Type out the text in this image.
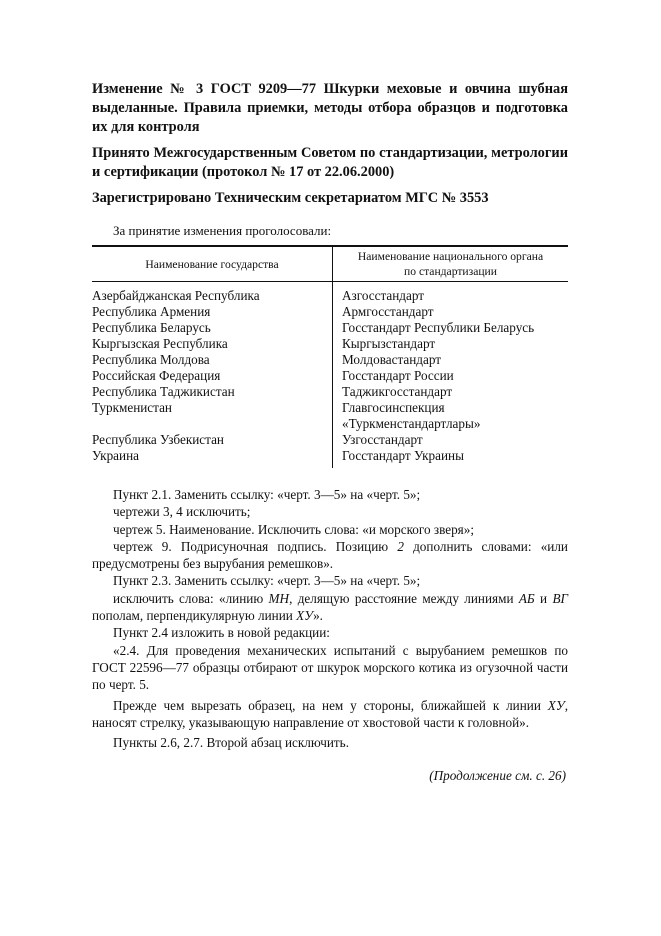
Изменение № 3 ГОСТ 9209—77 Шкурки меховые и овчина шубная выделанные. Правила приемки, методы отбора образцов и подготовка их для контроля

Принято Межгосударственным Советом по стандартизации, метрологии и сертификации (протокол № 17 от 22.06.2000)

Зарегистрировано Техническим секретариатом МГС № 3553

За принятие изменения проголосовали:

Наименование государства	Наименование национального органа по стандартизации
Азербайджанская Республика	Азгосстандарт
Республика Армения	Армгосстандарт
Республика Беларусь	Госстандарт Республики Беларусь
Кыргызская Республика	Кыргызстандарт
Республика Молдова	Молдовастандарт
Российская Федерация	Госстандарт России
Республика Таджикистан	Таджикгосстандарт
Туркменистан	Главгосинспекция «Туркменстандартлары»
Республика Узбекистан	Узгосстандарт
Украина	Госстандарт Украины

Пункт 2.1. Заменить ссылку: «черт. 3—5» на «черт. 5»;

чертежи 3, 4 исключить;

чертеж 5. Наименование. Исключить слова: «и морского зверя»;

чертеж 9. Подрисуночная подпись. Позицию 2 дополнить словами: «или предусмотрены без вырубания ремешков».

Пункт 2.3. Заменить ссылку: «черт. 3—5» на «черт. 5»;

исключить слова: «линию МН, делящую расстояние между линиями АБ и ВГ пополам, перпендикулярную линии ХУ».

Пункт 2.4 изложить в новой редакции:

«2.4. Для проведения механических испытаний с вырубанием ремешков по ГОСТ 22596—77 образцы отбирают от шкурок морского котика из огузочной части по черт. 5.

Прежде чем вырезать образец, на нем у стороны, ближайшей к линии ХУ, наносят стрелку, указывающую направление от хвостовой части к головной».

Пункты 2.6, 2.7. Второй абзац исключить.

(Продолжение см. с. 26)
